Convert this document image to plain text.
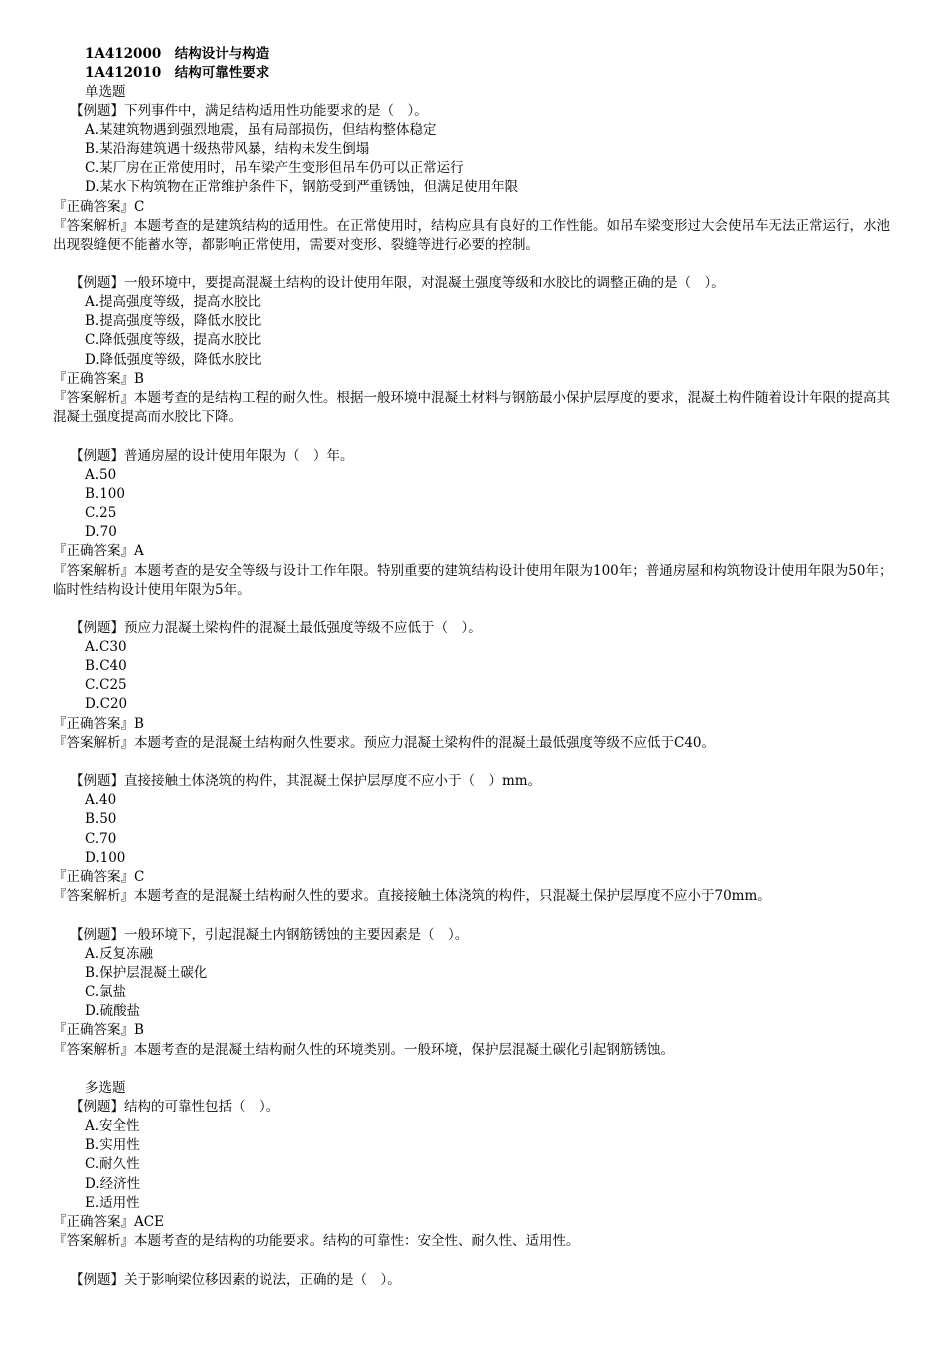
1A412000　结构设计与构造
1A412010　结构可靠性要求
单选题
【例题】下列事件中，满足结构适用性功能要求的是（　）。
A.某建筑物遇到强烈地震，虽有局部损伤，但结构整体稳定
B.某沿海建筑遇十级热带风暴，结构未发生倒塌
C.某厂房在正常使用时，吊车梁产生变形但吊车仍可以正常运行
D.某水下构筑物在正常维护条件下，钢筋受到严重锈蚀，但满足使用年限
『正确答案』C
『答案解析』本题考查的是建筑结构的适用性。在正常使用时，结构应具有良好的工作性能。如吊车梁变形过大会使吊车无法正常运行，水池出现裂缝便不能蓄水等，都影响正常使用，需要对变形、裂缝等进行必要的控制。
【例题】一般环境中，要提高混凝土结构的设计使用年限，对混凝土强度等级和水胶比的调整正确的是（　）。
A.提高强度等级，提高水胶比
B.提高强度等级，降低水胶比
C.降低强度等级，提高水胶比
D.降低强度等级，降低水胶比
『正确答案』B
『答案解析』本题考查的是结构工程的耐久性。根据一般环境中混凝土材料与钢筋最小保护层厚度的要求，混凝土构件随着设计年限的提高其混凝土强度提高而水胶比下降。
【例题】普通房屋的设计使用年限为（　）年。
A.50
B.100
C.25
D.70
『正确答案』A
『答案解析』本题考查的是安全等级与设计工作年限。特别重要的建筑结构设计使用年限为100年；普通房屋和构筑物设计使用年限为50年；临时性结构设计使用年限为5年。
【例题】预应力混凝土梁构件的混凝土最低强度等级不应低于（　）。
A.C30
B.C40
C.C25
D.C20
『正确答案』B
『答案解析』本题考查的是混凝土结构耐久性要求。预应力混凝土梁构件的混凝土最低强度等级不应低于C40。
【例题】直接接触土体浇筑的构件，其混凝土保护层厚度不应小于（　）mm。
A.40
B.50
C.70
D.100
『正确答案』C
『答案解析』本题考查的是混凝土结构耐久性的要求。直接接触土体浇筑的构件，只混凝土保护层厚度不应小于70mm。
【例题】一般环境下，引起混凝土内钢筋锈蚀的主要因素是（　）。
A.反复冻融
B.保护层混凝土碳化
C.氯盐
D.硫酸盐
『正确答案』B
『答案解析』本题考查的是混凝土结构耐久性的环境类别。一般环境，保护层混凝土碳化引起钢筋锈蚀。
多选题
【例题】结构的可靠性包括（　）。
A.安全性
B.实用性
C.耐久性
D.经济性
E.适用性
『正确答案』ACE
『答案解析』本题考查的是结构的功能要求。结构的可靠性：安全性、耐久性、适用性。
【例题】关于影响梁位移因素的说法，正确的是（　）。
